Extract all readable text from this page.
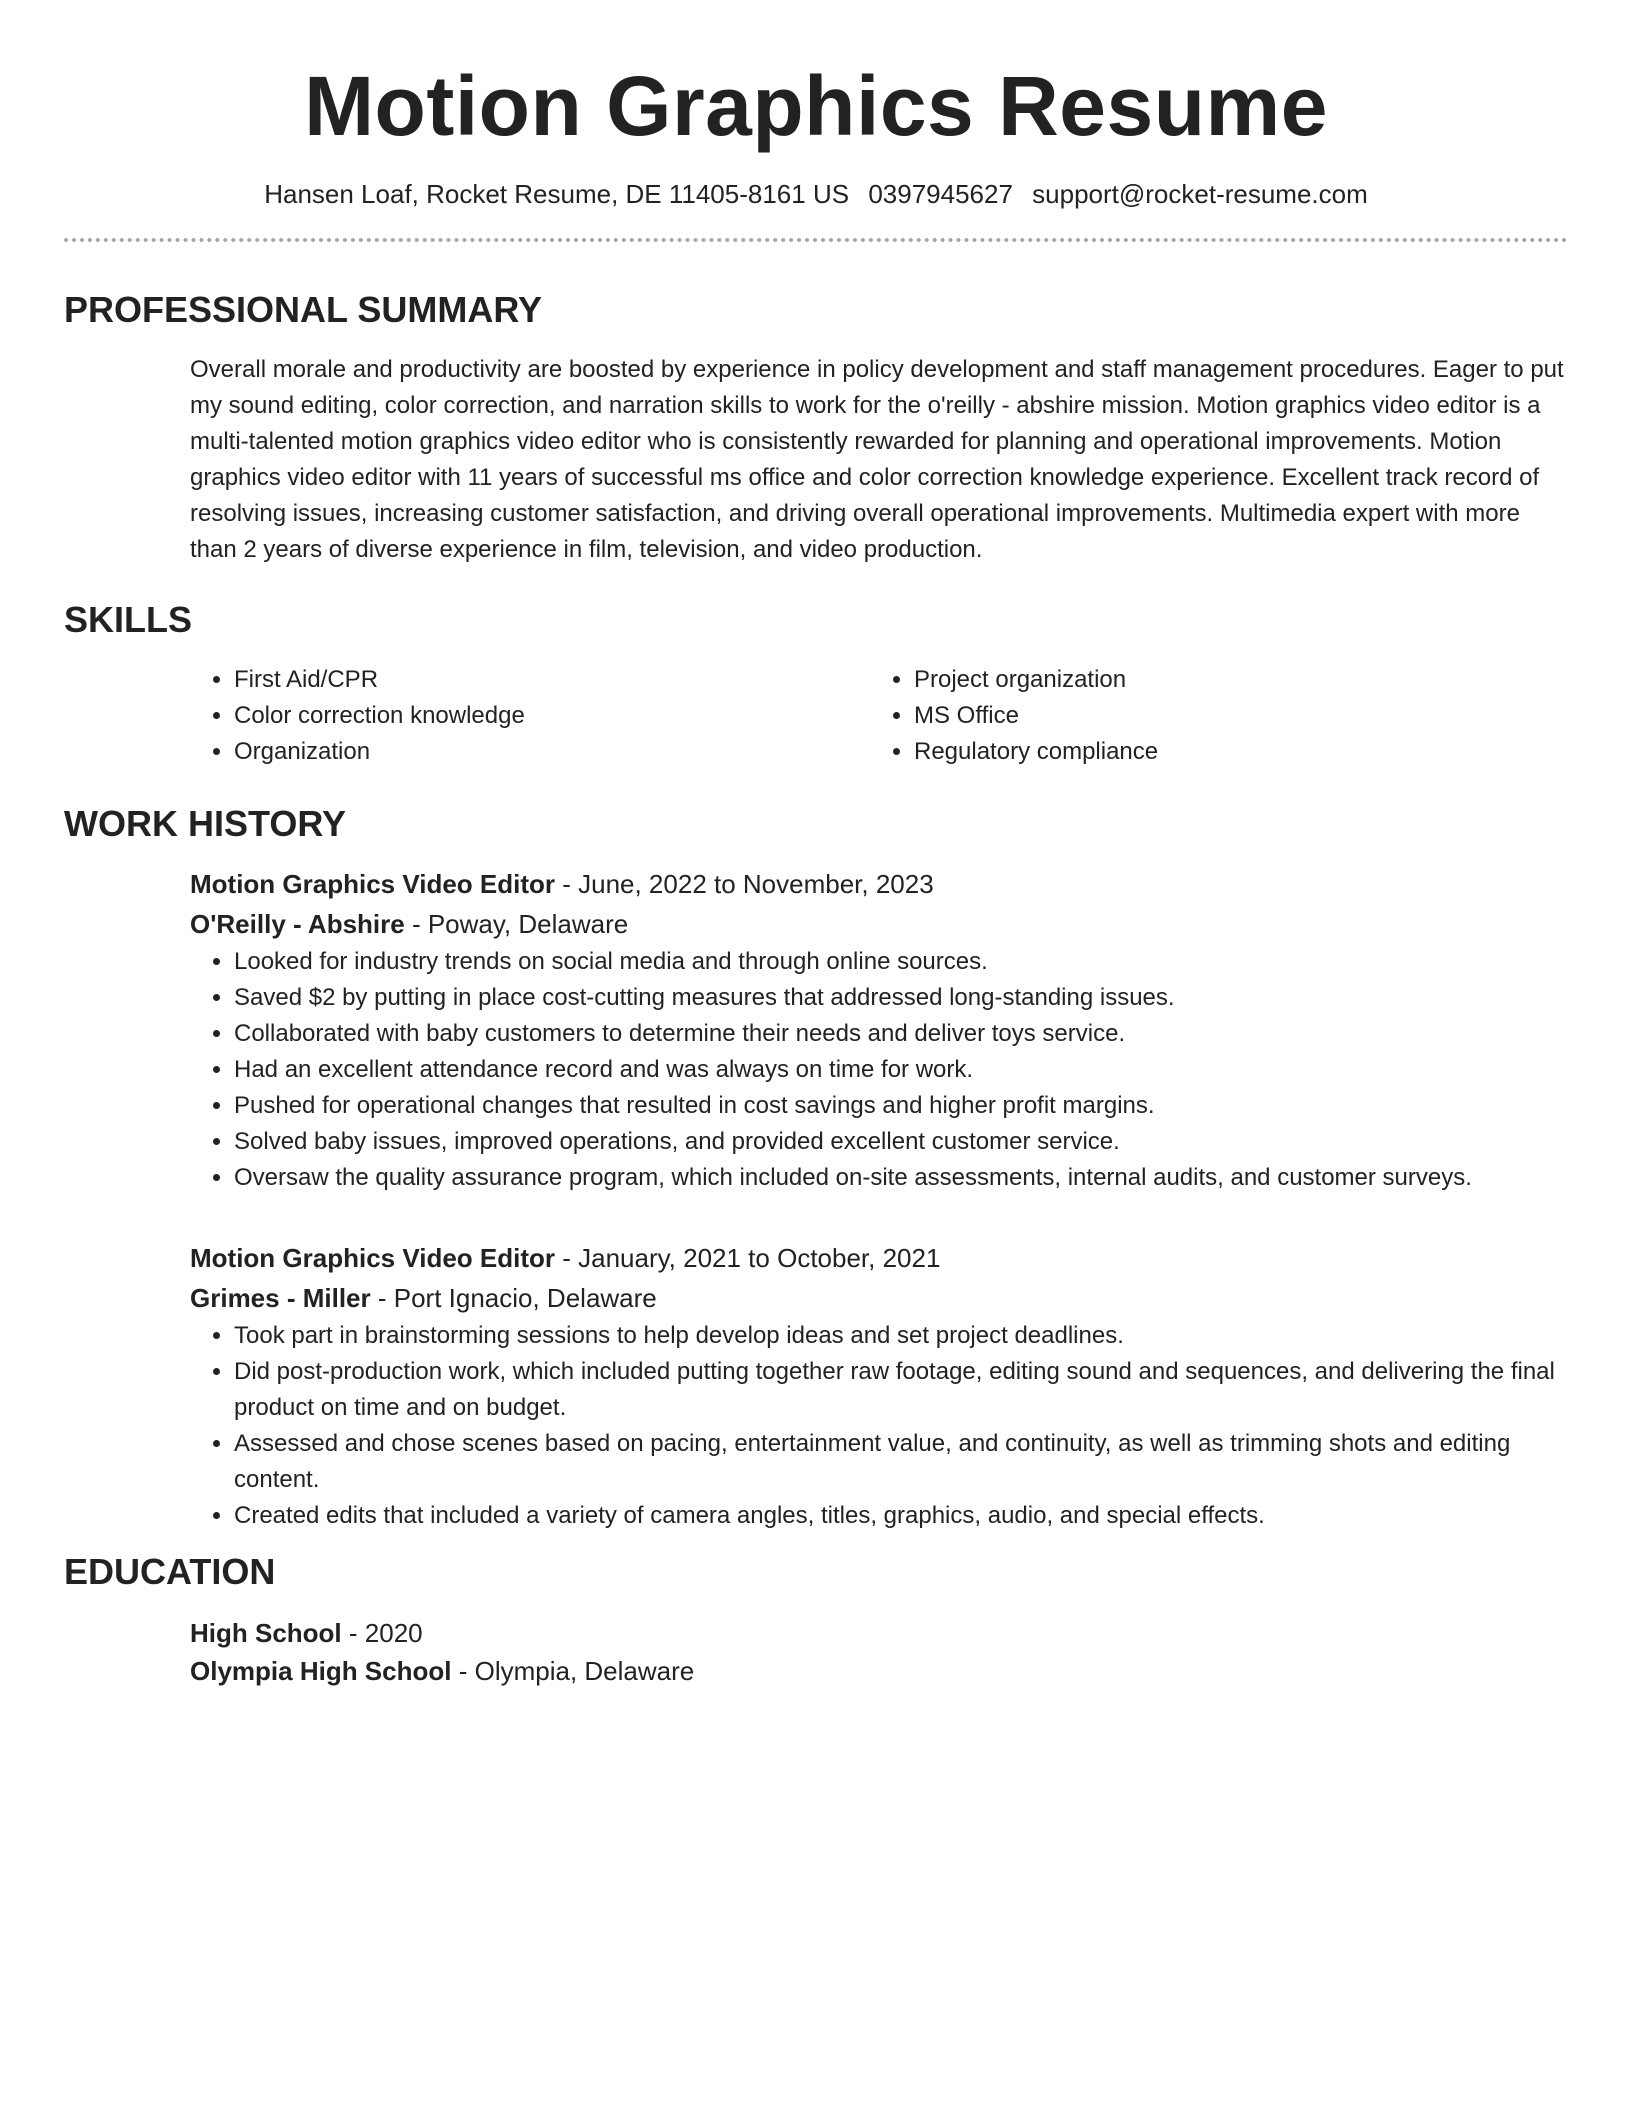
Motion Graphics Resume
Hansen Loaf, Rocket Resume, DE 11405-8161 US 0397945627 support@rocket-resume.com
PROFESSIONAL SUMMARY
Overall morale and productivity are boosted by experience in policy development and staff management procedures. Eager to put my sound editing, color correction, and narration skills to work for the o'reilly - abshire mission. Motion graphics video editor is a multi-talented motion graphics video editor who is consistently rewarded for planning and operational improvements. Motion graphics video editor with 11 years of successful ms office and color correction knowledge experience. Excellent track record of resolving issues, increasing customer satisfaction, and driving overall operational improvements. Multimedia expert with more than 2 years of diverse experience in film, television, and video production.
SKILLS
• First Aid/CPR
• Color correction knowledge
• Organization
• Project organization
• MS Office
• Regulatory compliance
WORK HISTORY
Motion Graphics Video Editor - June, 2022 to November, 2023
O'Reilly - Abshire - Poway, Delaware
• Looked for industry trends on social media and through online sources.
• Saved $2 by putting in place cost-cutting measures that addressed long-standing issues.
• Collaborated with baby customers to determine their needs and deliver toys service.
• Had an excellent attendance record and was always on time for work.
• Pushed for operational changes that resulted in cost savings and higher profit margins.
• Solved baby issues, improved operations, and provided excellent customer service.
• Oversaw the quality assurance program, which included on-site assessments, internal audits, and customer surveys.
Motion Graphics Video Editor - January, 2021 to October, 2021
Grimes - Miller - Port Ignacio, Delaware
• Took part in brainstorming sessions to help develop ideas and set project deadlines.
• Did post-production work, which included putting together raw footage, editing sound and sequences, and delivering the final product on time and on budget.
• Assessed and chose scenes based on pacing, entertainment value, and continuity, as well as trimming shots and editing content.
• Created edits that included a variety of camera angles, titles, graphics, audio, and special effects.
EDUCATION
High School - 2020
Olympia High School - Olympia, Delaware
